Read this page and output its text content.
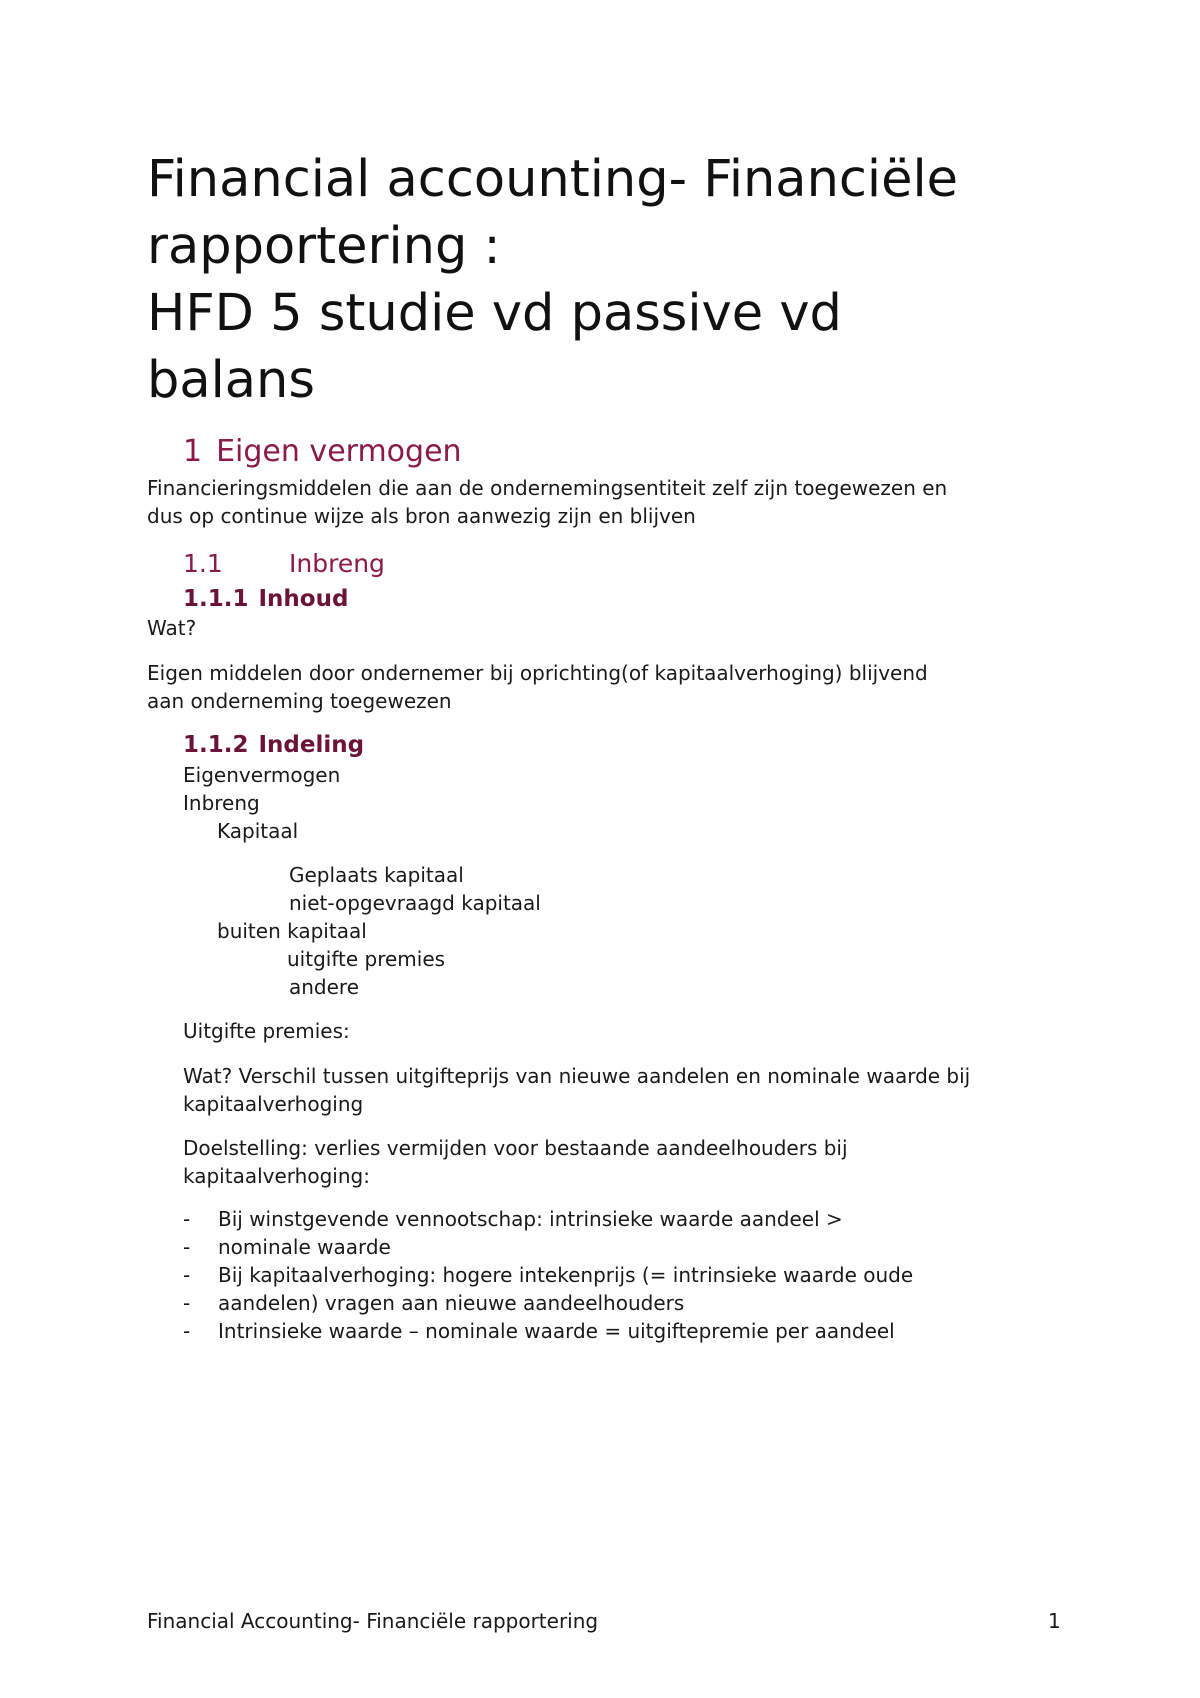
Financial accounting- Financiële
rapportering :
HFD 5 studie vd passive vd
balans
1 Eigen vermogen

Financieringsmiddelen die aan de ondernemingsentiteit zelf zijn toegewezen en

dus op continue wijze als bron aanwezig zijn en blijven

1.1	Inbreng
1.1.1 Inhoud

Wat?

Eigen middelen door ondernemer bij oprichting(of kapitaalverhoging) blijvend

aan onderneming toegewezen

1.1.2 Indeling
Eigenvermogen
Inbreng
Kapitaal
Geplaats kapitaal
niet-opgevraagd kapitaal
buiten kapitaal
uitgifte premies
andere

Uitgifte premies:

Wat? Verschil tussen uitgifteprijs van nieuwe aandelen en nominale waarde bij

kapitaalverhoging

Doelstelling: verlies vermijden voor bestaande aandeelhouders bij

kapitaalverhoging:

- Bij winstgevende vennootschap: intrinsieke waarde aandeel >
- nominale waarde
- Bij kapitaalverhoging: hogere intekenprijs (= intrinsieke waarde oude
- aandelen) vragen aan nieuwe aandeelhouders
- Intrinsieke waarde – nominale waarde = uitgiftepremie per aandeel
Financial Accounting- Financiële rapportering	1
